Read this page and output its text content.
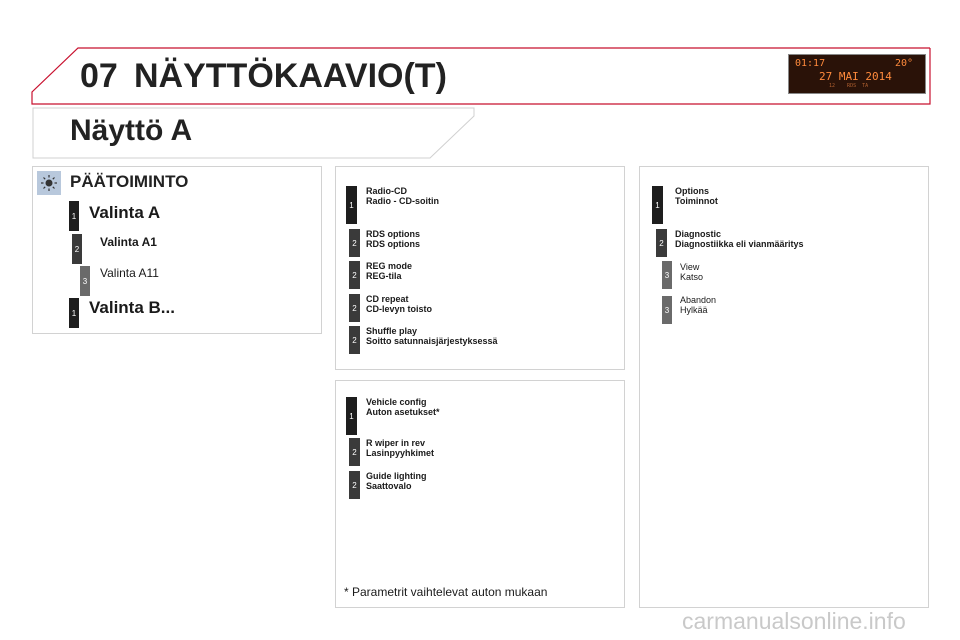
07 NÄYTTÖKAAVIO(T)	01:17	20°
27 MAI 2014
12    RDS  TA
Näyttö A
PÄÄTOIMINTO
1 Valinta A
2 Valinta A1
3
Valinta A11
1 Valinta B...
1
Radio-CD
Radio - CD-soitin
2
RDS options
RDS options
2
REG mode
REG-tila
2
CD repeat
CD-levyn toisto
2
Shuffle play
Soitto satunnaisjärjestyksessä
1
Vehicle config
Auton asetukset*
2
R wiper in rev
Lasinpyyhkimet
2
Guide lighting
Saattovalo
* Parametrit vaihtelevat auton mukaan
1
Options
Toiminnot
2
Diagnostic
Diagnostiikka eli vianmääritys
3
View
Katso
3
Abandon
Hylkää
carmanualsonline.info
